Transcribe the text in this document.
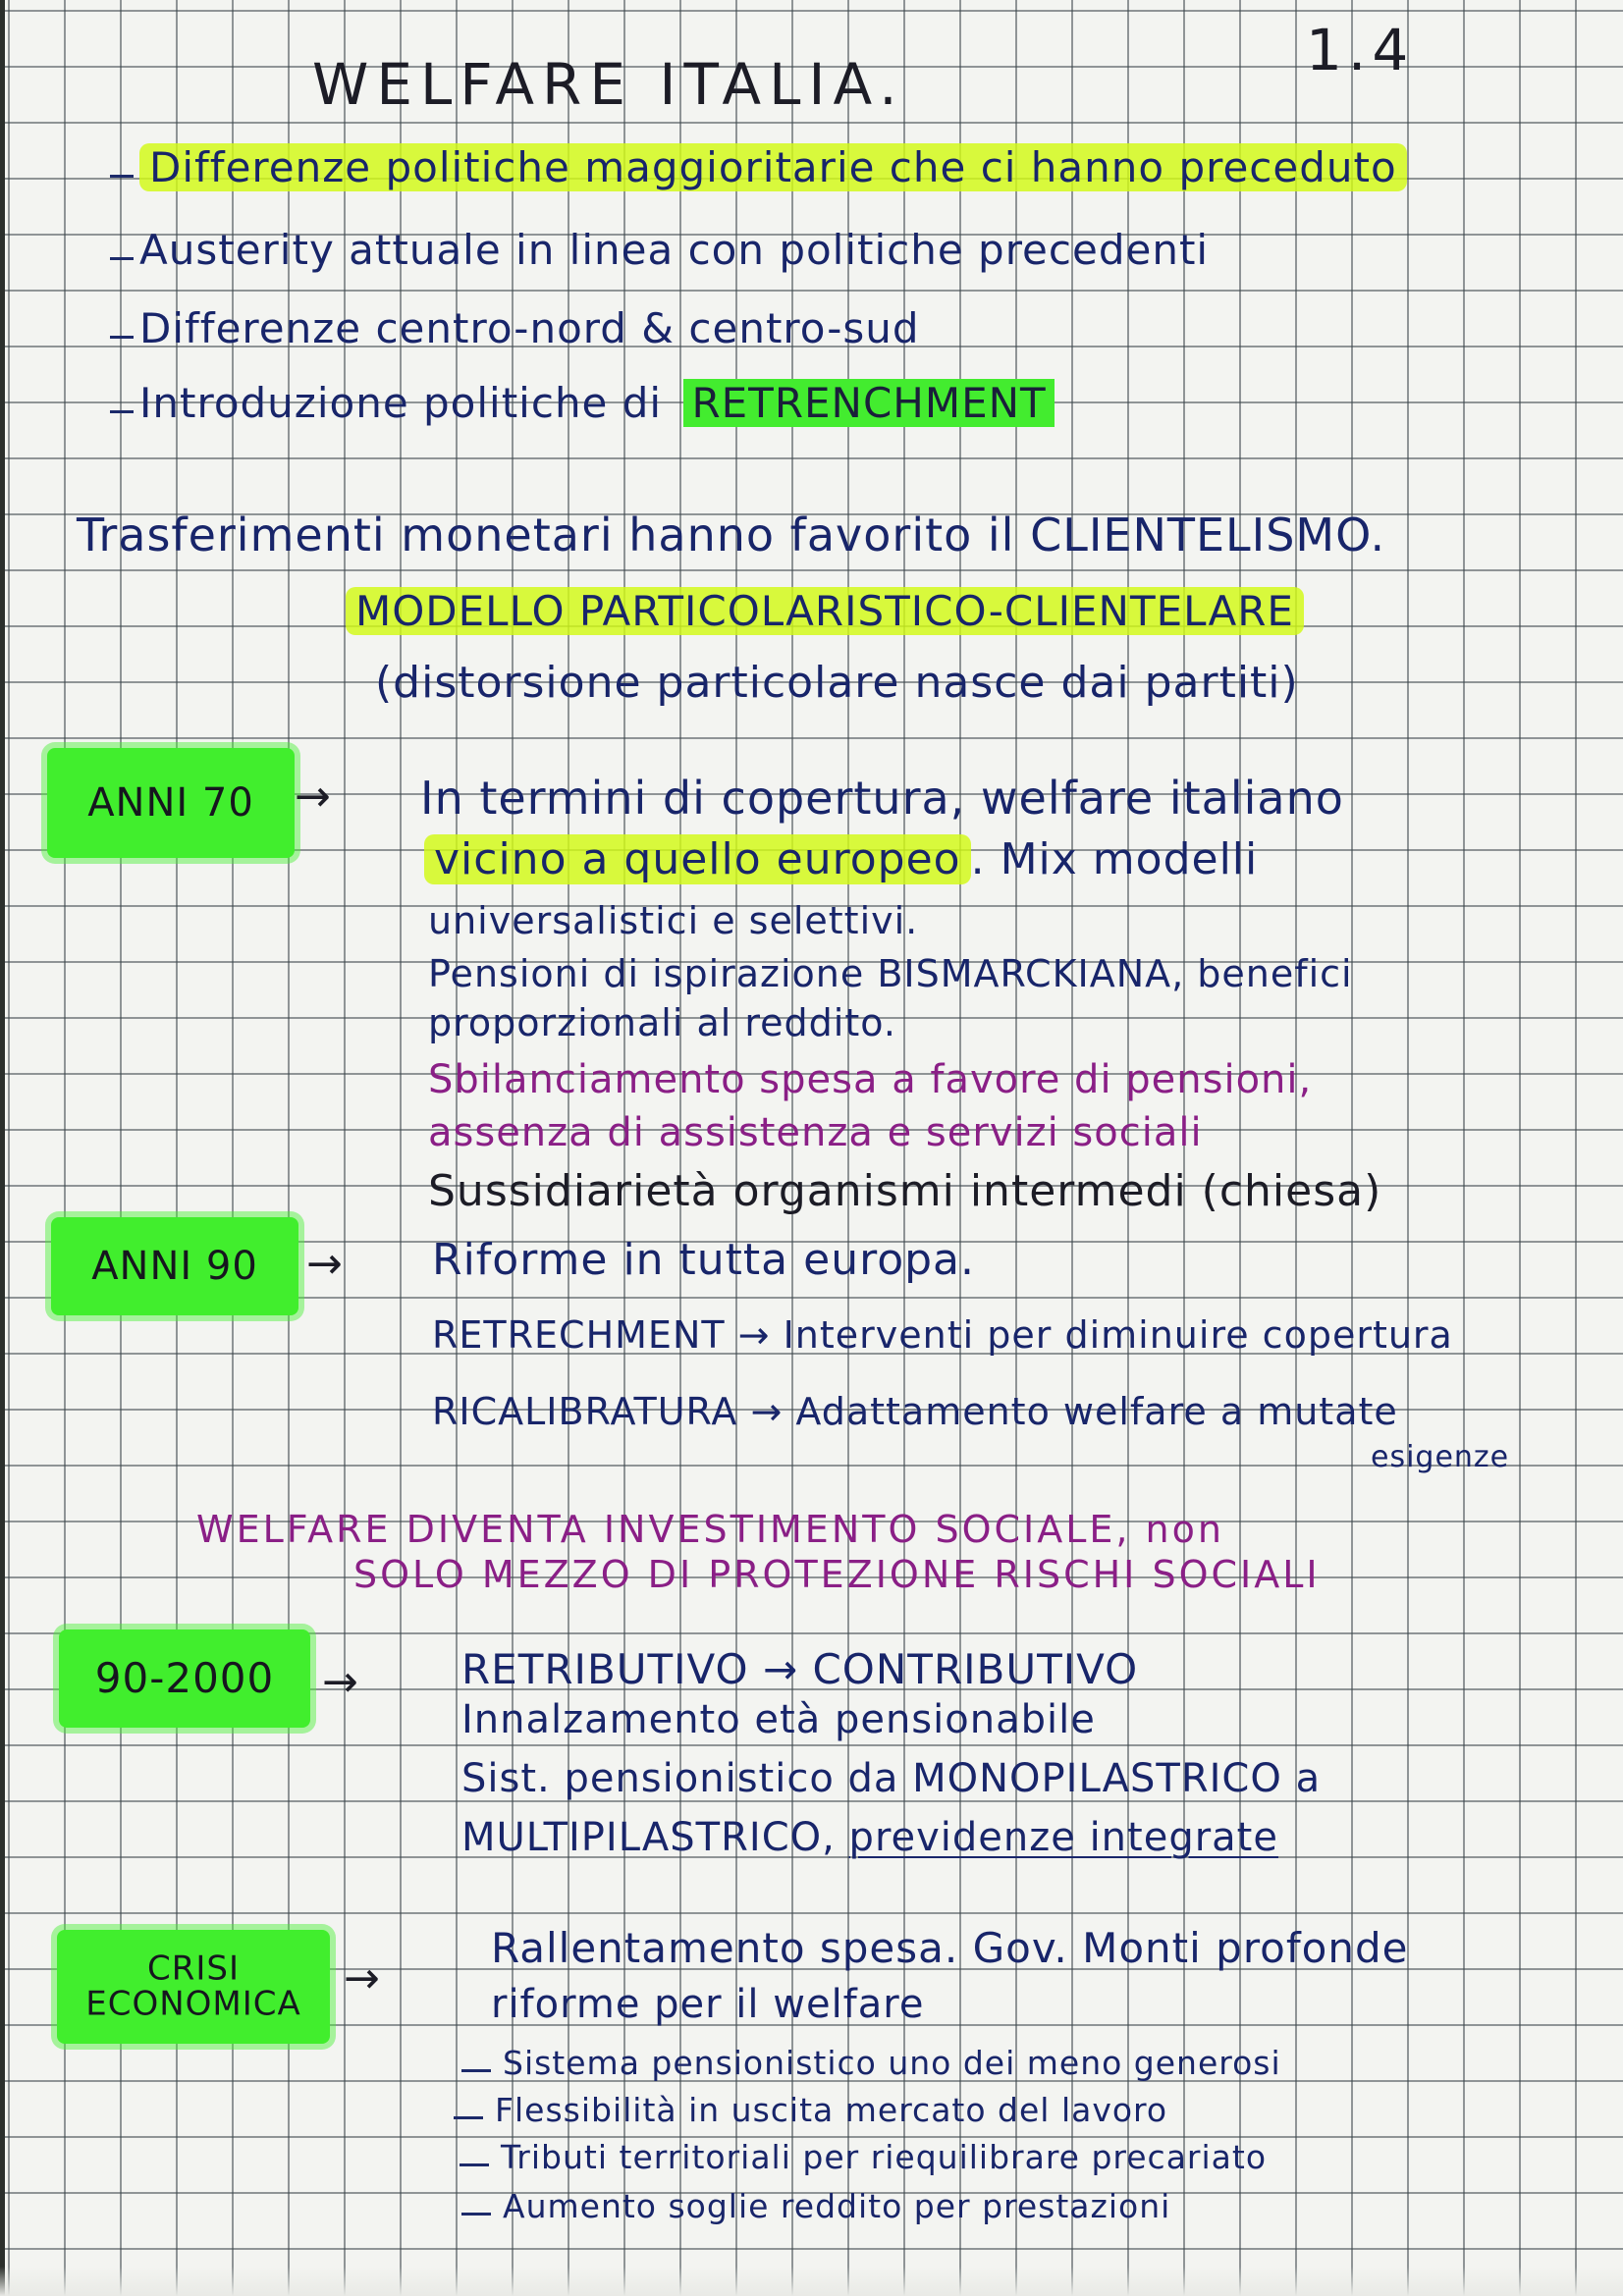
WELFARE ITALIA.
1.4
Differenze politiche maggioritarie che ci hanno preceduto
Austerity attuale in linea con politiche precedenti
Differenze centro-nord & centro-sud
Introduzione politiche di RETRENCHMENT
Trasferimenti monetari hanno favorito il CLIENTELISMO.
MODELLO PARTICOLARISTICO-CLIENTELARE
(distorsione particolare nasce dai partiti)
ANNI 70 → In termini di copertura, welfare italiano
vicino a quello europeo . Mix modelli
universalistici e selettivi.
Pensioni di ispirazione BISMARCKIANA, benefici
proporzionali al reddito.
Sbilanciamento spesa a favore di pensioni,
assenza di assistenza e servizi sociali
Sussidiarietà organismi intermedi (chiesa)
ANNI 90	→ Riforme in tutta europa.
RETRECHMENT → Interventi per diminuire copertura
RICALIBRATURA → Adattamento welfare a mutate
esigenze
WELFARE DIVENTA INVESTIMENTO SOCIALE, non
SOLO MEZZO DI PROTEZIONE RISCHI SOCIALI
90-2000	→	RETRIBUTIVO → CONTRIBUTIVO
Innalzamento età pensionabile
Sist. pensionistico da MONOPILASTRICO a
MULTIPILASTRICO, previdenze integrate
CRISI ECONOMICA →
Rallentamento spesa. Gov. Monti profonde
riforme per il welfare
Sistema pensionistico uno dei meno generosi
Flessibilità in uscita mercato del lavoro
Tributi territoriali per riequilibrare precariato
Aumento soglie reddito per prestazioni
